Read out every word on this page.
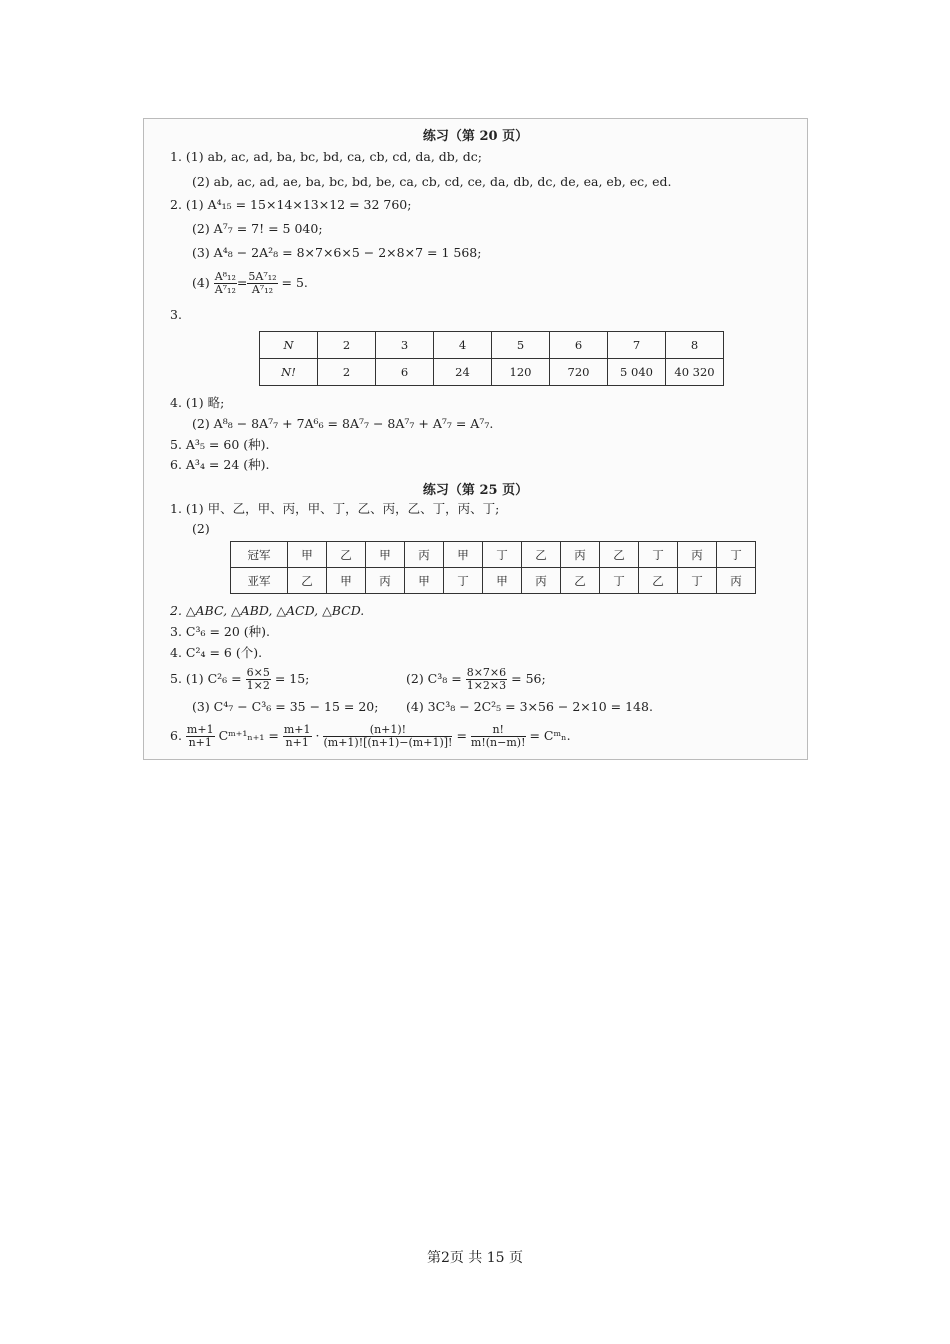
练习（第 20 页）
1. (1) ab, ac, ad, ba, bc, bd, ca, cb, cd, da, db, dc;
(2) ab, ac, ad, ae, ba, bc, bd, be, ca, cb, cd, ce, da, db, dc, de, ea, eb, ec, ed.
2. (1) A⁴₁₅ = 15×14×13×12 = 32 760;
(2) A⁷₇ = 7! = 5 040;
(3) A⁴₈ − 2A²₈ = 8×7×6×5 − 2×8×7 = 1 568;
$(4) \frac{\text{A⁸₁₂}}{\text{A⁷₁₂}} = \frac{\text{5A⁷₁₂}}{\text{A⁷₁₂}} = 5$.
3.
N	2	3	4	5	6	7	8
N!	2	6	24	120	720	5 040	40 320
4. (1) 略;
(2) A⁸₈ − 8A⁷₇ + 7A⁶₆ = 8A⁷₇ − 8A⁷₇ + A⁷₇ = A⁷₇.
5. A³₅ = 60 (种).
6. A³₄ = 24 (种).
练习（第 25 页）
1. (1) 甲、乙，甲、丙，甲、丁，乙、丙，乙、丁，丙、丁;
(2)
冠军	甲	乙	甲	丙	甲	丁	乙	丙	乙	丁	丙	丁
亚军	乙	甲	丙	甲	丁	甲	丙	乙	丁	乙	丁	丙
2. △ABC, △ABD, △ACD, △BCD.
3. C³₆ = 20 (种).
4. C²₄ = 6 (个).
5. (1) $C^2_6 = \frac{6\times 5}{1\times 2} = 15$;	(2) $C^3_8 = \frac{8\times 7\times 6}{1\times 2\times 3} = 56$;
(3) C⁴₇ − C³₆ = 35 − 15 = 20; (4) 3C³₈ − 2C²₅ = 3×56 − 2×10 = 148.
6. $\frac{m+1}{n+1}$ Cᵐ⁺¹ₙ₊₁ = $\frac{m+1}{n+1} \cdot \frac{(n+1)!}{(m+1)![(n+1)-(m+1)]!} = \frac{n!}{m!(n-m)!}$ = Cᵐₙ.
第2页 共 15 页
